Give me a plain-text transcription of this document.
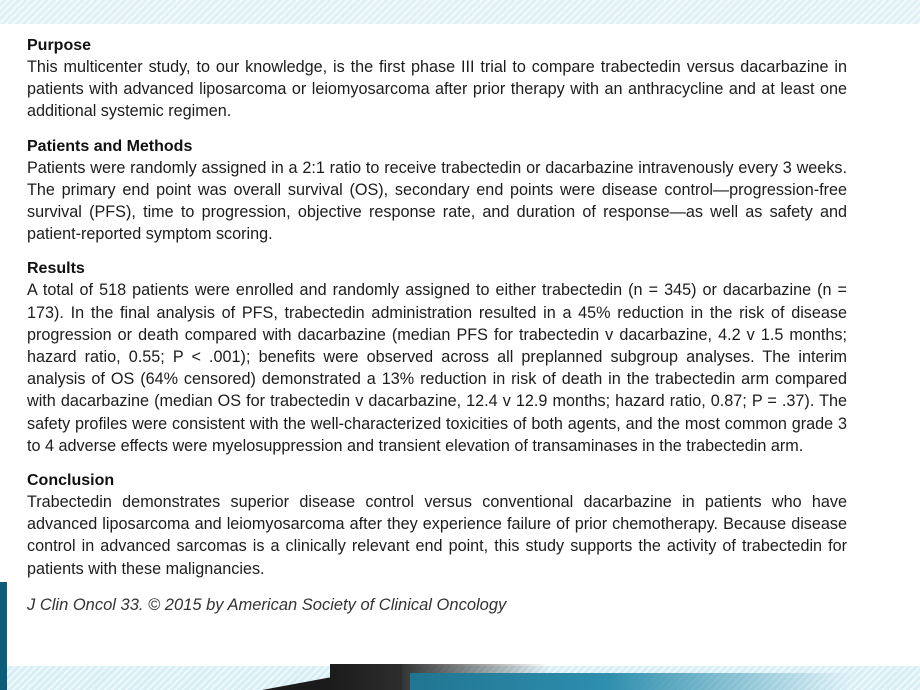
Purpose

This multicenter study, to our knowledge, is the first phase III trial to compare trabectedin versus dacarbazine in patients with advanced liposarcoma or leiomyosarcoma after prior therapy with an anthracycline and at least one additional systemic regimen.

Patients and Methods

Patients were randomly assigned in a 2:1 ratio to receive trabectedin or dacarbazine intravenously every 3 weeks. The primary end point was overall survival (OS), secondary end points were disease control—progression-free survival (PFS), time to progression, objective response rate, and duration of response—as well as safety and patient-reported symptom scoring.

Results

A total of 518 patients were enrolled and randomly assigned to either trabectedin (n = 345) or dacarbazine (n = 173). In the final analysis of PFS, trabectedin administration resulted in a 45% reduction in the risk of disease progression or death compared with dacarbazine (median PFS for trabectedin v dacarbazine, 4.2 v 1.5 months; hazard ratio, 0.55; P < .001); benefits were observed across all preplanned subgroup analyses. The interim analysis of OS (64% censored) demonstrated a 13% reduction in risk of death in the trabectedin arm compared with dacarbazine (median OS for trabectedin v dacarbazine, 12.4 v 12.9 months; hazard ratio, 0.87; P = .37). The safety profiles were consistent with the well-characterized toxicities of both agents, and the most common grade 3 to 4 adverse effects were myelosuppression and transient elevation of transaminases in the trabectedin arm.

Conclusion

Trabectedin demonstrates superior disease control versus conventional dacarbazine in patients who have advanced liposarcoma and leiomyosarcoma after they experience failure of prior chemotherapy. Because disease control in advanced sarcomas is a clinically relevant end point, this study supports the activity of trabectedin for patients with these malignancies.

J Clin Oncol 33. © 2015 by American Society of Clinical Oncology
